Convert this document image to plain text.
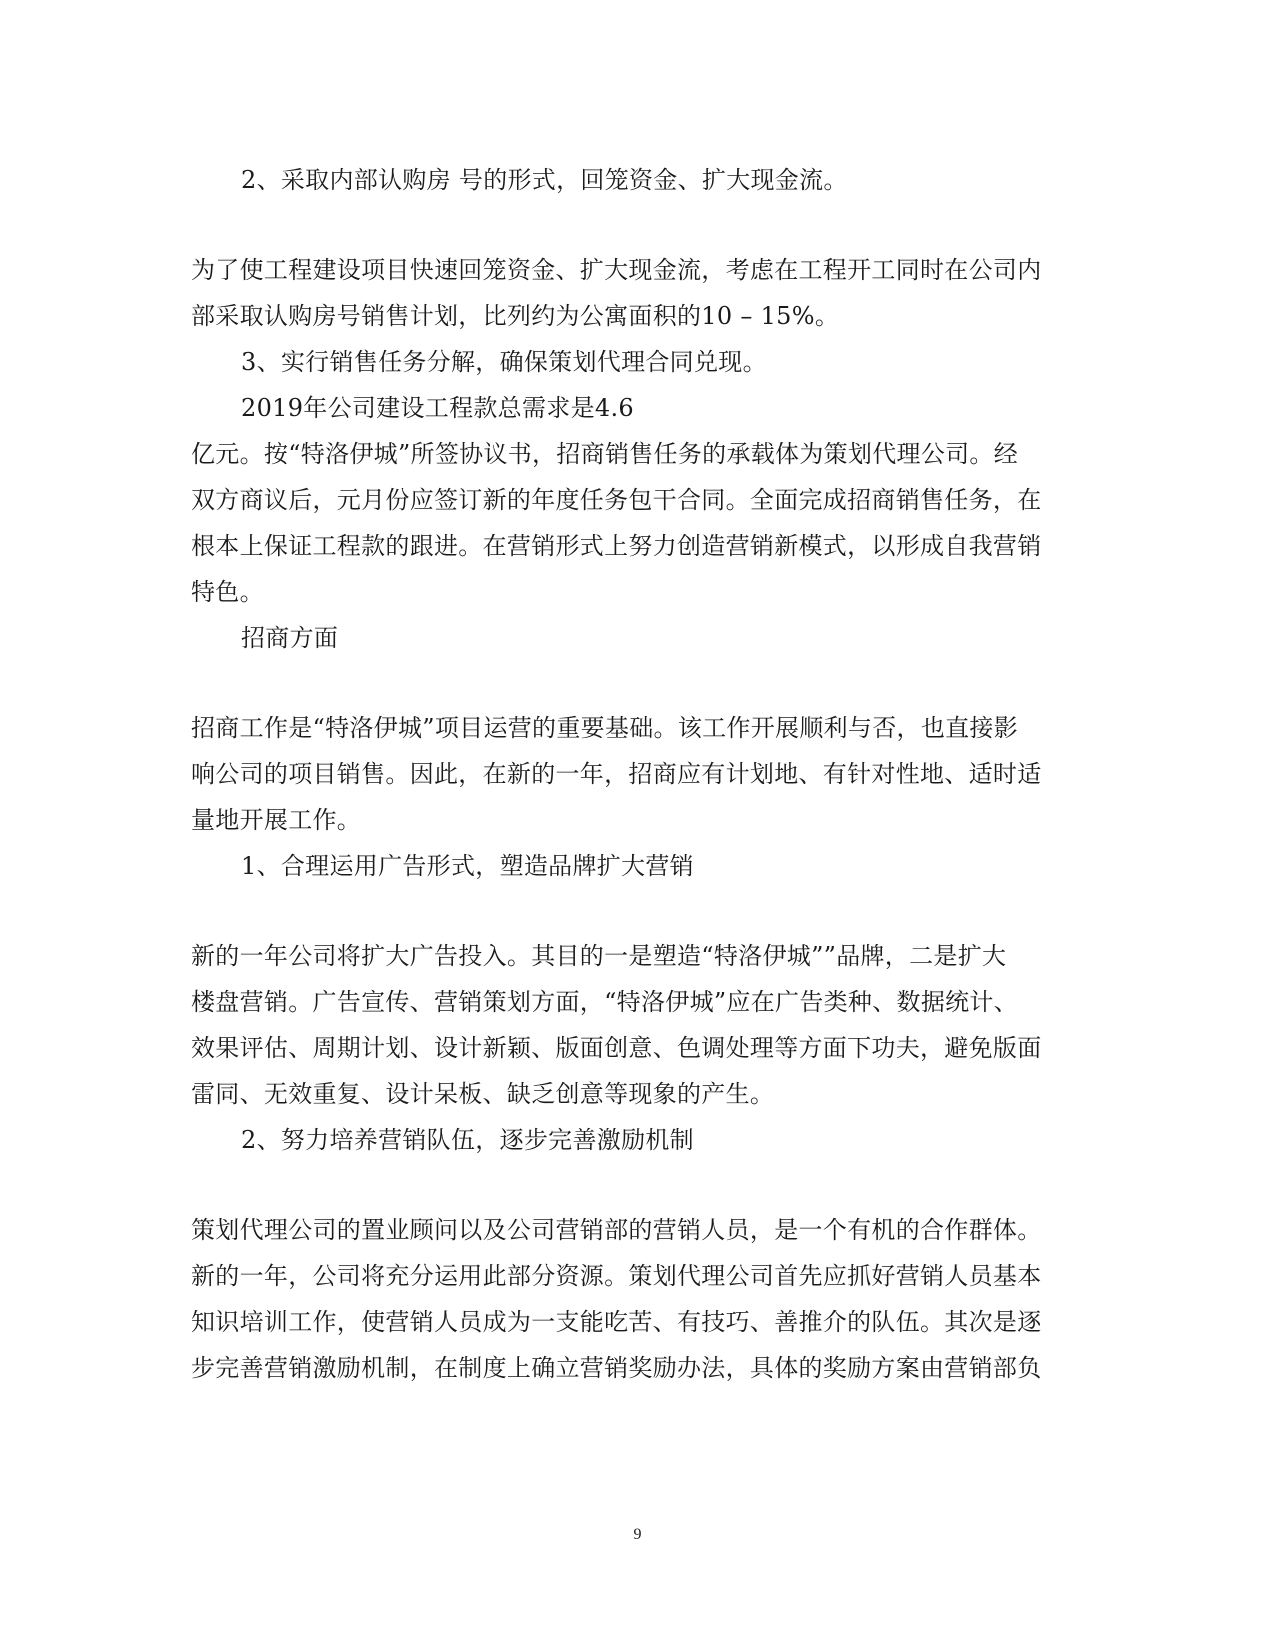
2、采取内部认购房 号的形式，回笼资金、扩大现金流。
为了使工程建设项目快速回笼资金、扩大现金流，考虑在工程开工同时在公司内
部采取认购房号销售计划，比列约为公寓面积的10 – 15%。
3、实行销售任务分解，确保策划代理合同兑现。
2019年公司建设工程款总需求是4.6
亿元。按“特洛伊城”所签协议书，招商销售任务的承载体为策划代理公司。经
双方商议后，元月份应签订新的年度任务包干合同。全面完成招商销售任务，在
根本上保证工程款的跟进。在营销形式上努力创造营销新模式，以形成自我营销
特色。
招商方面
招商工作是“特洛伊城”项目运营的重要基础。该工作开展顺利与否，也直接影
响公司的项目销售。因此，在新的一年，招商应有计划地、有针对性地、适时适
量地开展工作。
1、合理运用广告形式，塑造品牌扩大营销
新的一年公司将扩大广告投入。其目的一是塑造“特洛伊城””品牌，二是扩大
楼盘营销。广告宣传、营销策划方面，“特洛伊城”应在广告类种、数据统计、
效果评估、周期计划、设计新颖、版面创意、色调处理等方面下功夫，避免版面
雷同、无效重复、设计呆板、缺乏创意等现象的产生。
2、努力培养营销队伍，逐步完善激励机制
策划代理公司的置业顾问以及公司营销部的营销人员，是一个有机的合作群体。
新的一年，公司将充分运用此部分资源。策划代理公司首先应抓好营销人员基本
知识培训工作，使营销人员成为一支能吃苦、有技巧、善推介的队伍。其次是逐
步完善营销激励机制，在制度上确立营销奖励办法，具体的奖励方案由营销部负
9
